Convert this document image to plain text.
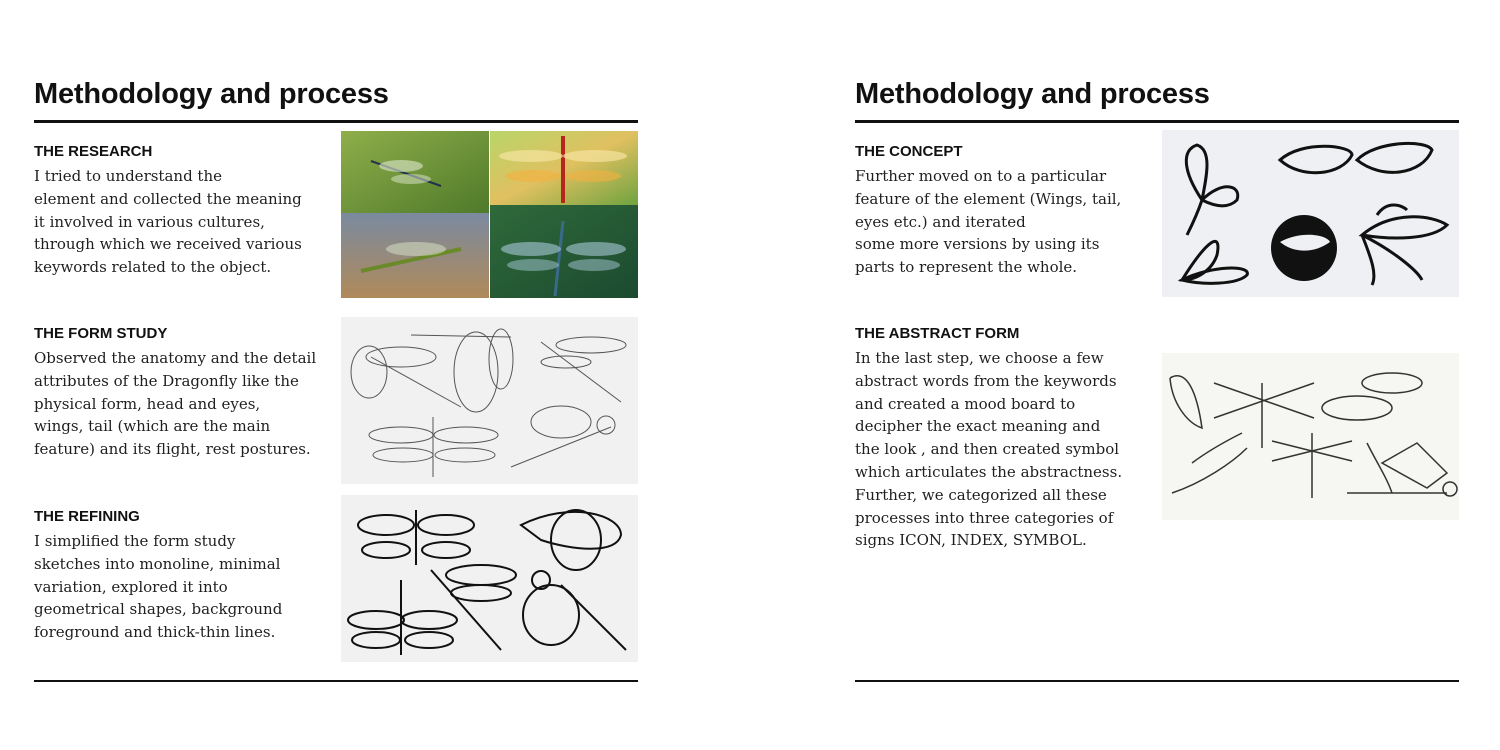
Methodology and process
THE RESEARCH

I tried to understand the
element and collected the meaning
it involved in various cultures,
through which we received various
keywords related to the object.

THE FORM STUDY

Observed the anatomy and the detail
attributes of the Dragonfly like the
physical form, head and eyes,
wings, tail (which are the main
feature) and its flight, rest postures.

THE REFINING

I simplified the form study
sketches into monoline, minimal
variation, explored it into
geometrical shapes, background
foreground and thick-thin lines.

Methodology and process
THE CONCEPT

Further moved on to a particular
feature of the element (Wings, tail,
eyes etc.) and iterated
some more versions by using its
parts to represent the whole.

THE ABSTRACT FORM

In the last step, we choose a few
abstract words from the keywords
and created a mood board to
decipher the exact meaning and
the look , and then created symbol
which articulates the abstractness.
Further, we categorized all these
processes into three categories of
signs ICON, INDEX, SYMBOL.
